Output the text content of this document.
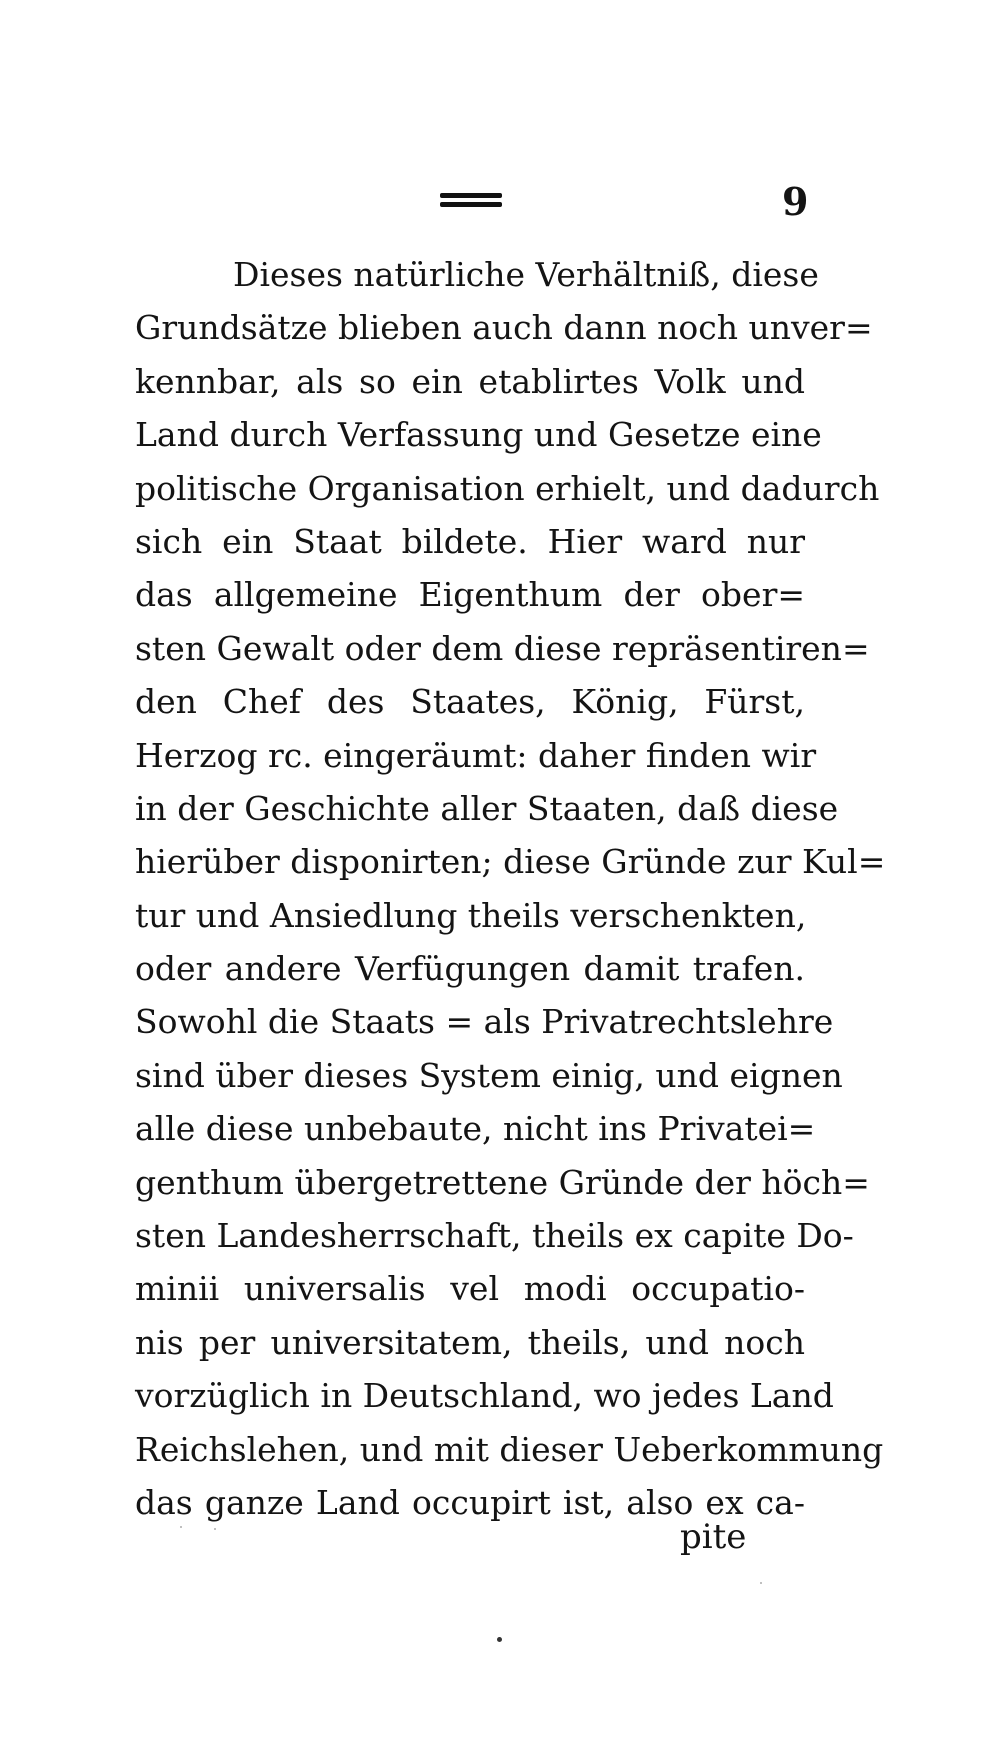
9
Dieses natürliche Verhältniß, diese
Grundsätze blieben auch dann noch unver=
kennbar, als so ein etablirtes Volk und
Land durch Verfassung und Gesetze eine
politische Organisation erhielt, und dadurch
sich ein Staat bildete. Hier ward nur
das allgemeine Eigenthum der ober=
sten Gewalt oder dem diese repräsentiren=
den Chef des Staates, König, Fürst,
Herzog rc. eingeräumt: daher finden wir
in der Geschichte aller Staaten, daß diese
hierüber disponirten; diese Gründe zur Kul=
tur und Ansiedlung theils verschenkten,
oder andere Verfügungen damit trafen.
Sowohl die Staats = als Privatrechtslehre
sind über dieses System einig, und eignen
alle diese unbebaute, nicht ins Privatei=
genthum übergetrettene Gründe der höch=
sten Landesherrschaft, theils ex capite Do-
minii universalis vel modi occupatio-
nis per universitatem, theils, und noch
vorzüglich in Deutschland, wo jedes Land
Reichslehen, und mit dieser Ueberkommung
das ganze Land occupirt ist, also ex ca-
pite
